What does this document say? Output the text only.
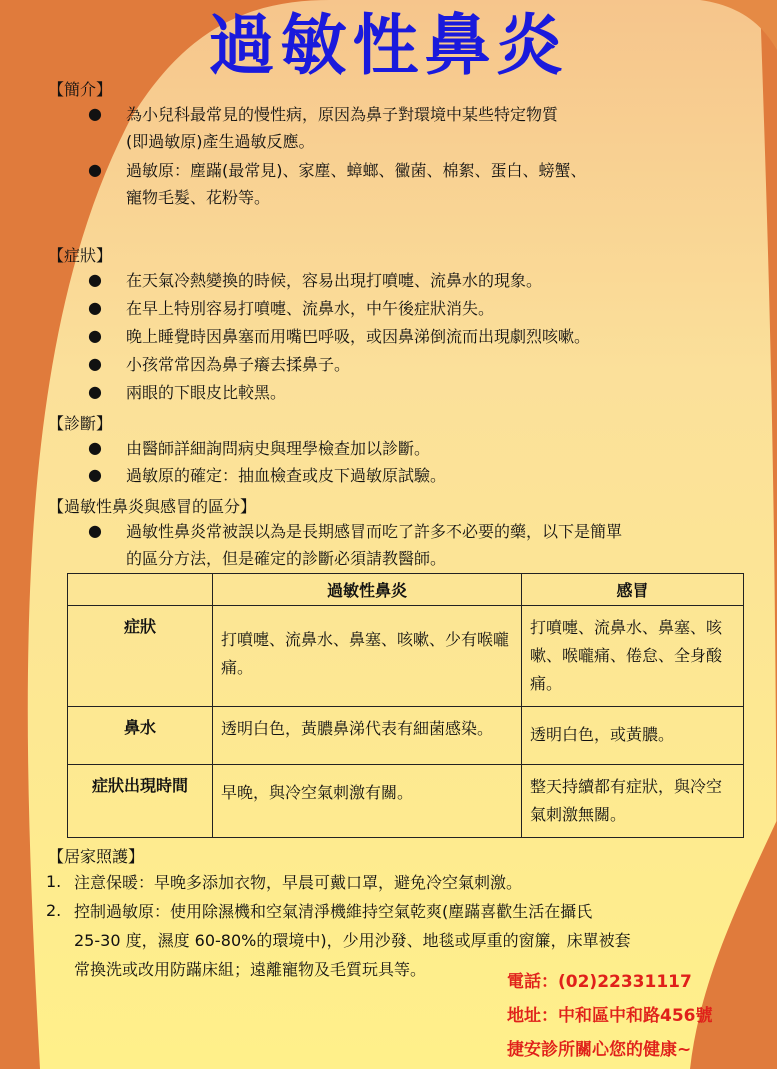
過敏性鼻炎
【簡介】
● 為小兒科最常見的慢性病，原因為鼻子對環境中某些特定物質
(即過敏原)產生過敏反應。
● 過敏原：塵蹣(最常見)、家塵、蟑螂、黴菌、棉絮、蛋白、螃蟹、
寵物毛髮、花粉等。
【症狀】
● 在天氣冷熱變換的時候，容易出現打噴嚏、流鼻水的現象。
● 在早上特別容易打噴嚏、流鼻水，中午後症狀消失。
● 晚上睡覺時因鼻塞而用嘴巴呼吸，或因鼻涕倒流而出現劇烈咳嗽。
● 小孩常常因為鼻子癢去揉鼻子。
● 兩眼的下眼皮比較黑。
【診斷】
● 由醫師詳細詢問病史與理學檢查加以診斷。
● 過敏原的確定：抽血檢查或皮下過敏原試驗。
【過敏性鼻炎與感冒的區分】
● 過敏性鼻炎常被誤以為是長期感冒而吃了許多不必要的藥，以下是簡單
的區分方法，但是確定的診斷必須請教醫師。
	過敏性鼻炎	感冒
症狀	打噴嚏、流鼻水、鼻塞、咳嗽、少有喉嚨痛。	打噴嚏、流鼻水、鼻塞、咳嗽、喉嚨痛、倦怠、全身酸痛。
鼻水	透明白色，黃膿鼻涕代表有細菌感染。	透明白色，或黃膿。
症狀出現時間	早晚，與冷空氣刺激有關。	整天持續都有症狀，與冷空氣刺激無關。
【居家照護】
1. 注意保暖：早晚多添加衣物，早晨可戴口罩，避免冷空氣刺激。
2. 控制過敏原：使用除濕機和空氣清淨機維持空氣乾爽(塵蹣喜歡生活在攝氏
25-30 度，濕度 60-80%的環境中)，少用沙發、地毯或厚重的窗簾，床單被套
常換洗或改用防蹣床組；遠離寵物及毛質玩具等。
電話：(02)22331117
地址：中和區中和路456號
捷安診所關心您的健康~
